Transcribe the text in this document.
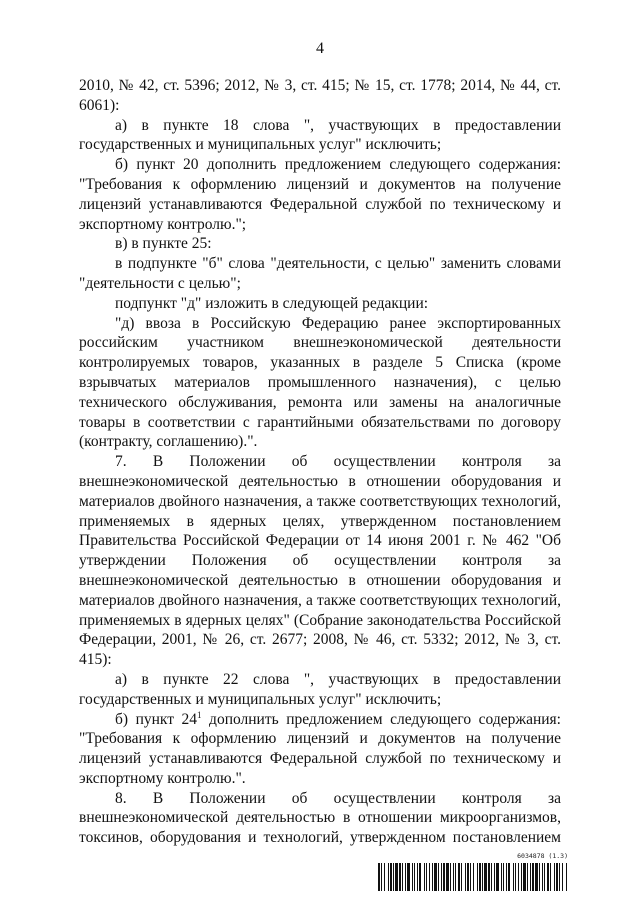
4

2010, № 42, ст. 5396; 2012, № 3, ст. 415; № 15, ст. 1778; 2014, № 44, ст. 6061):

а) в пункте 18 слова ", участвующих в предоставлении государственных и муниципальных услуг" исключить;

б) пункт 20 дополнить предложением следующего содержания: "Требования к оформлению лицензий и документов на получение лицензий устанавливаются Федеральной службой по техническому и экспортному контролю.";

в) в пункте 25:

в подпункте "б" слова "деятельности, с целью" заменить словами "деятельности с целью";

подпункт "д" изложить в следующей редакции:

"д) ввоза в Российскую Федерацию ранее экспортированных российским участником внешнеэкономической деятельности контролируемых товаров, указанных в разделе 5 Списка (кроме взрывчатых материалов промышленного назначения), с целью технического обслуживания, ремонта или замены на аналогичные товары в соответствии с гарантийными обязательствами по договору (контракту, соглашению).".

7. В Положении об осуществлении контроля за внешнеэкономической деятельностью в отношении оборудования и материалов двойного назначения, а также соответствующих технологий, применяемых в ядерных целях, утвержденном постановлением Правительства Российской Федерации от 14 июня 2001 г. № 462 "Об утверждении Положения об осуществлении контроля за внешнеэкономической деятельностью в отношении оборудования и материалов двойного назначения, а также соответствующих технологий, применяемых в ядерных целях" (Собрание законодательства Российской Федерации, 2001, № 26, ст. 2677; 2008, № 46, ст. 5332; 2012, № 3, ст. 415):

а) в пункте 22 слова ", участвующих в предоставлении государственных и муниципальных услуг" исключить;

б) пункт $24^1$ дополнить предложением следующего содержания: "Требования к оформлению лицензий и документов на получение лицензий устанавливаются Федеральной службой по техническому и экспортному контролю.".

8. В Положении об осуществлении контроля за внешнеэкономической деятельностью в отношении микроорганизмов, токсинов, оборудования и технологий, утвержденном постановлением

6034878 (1.3)
